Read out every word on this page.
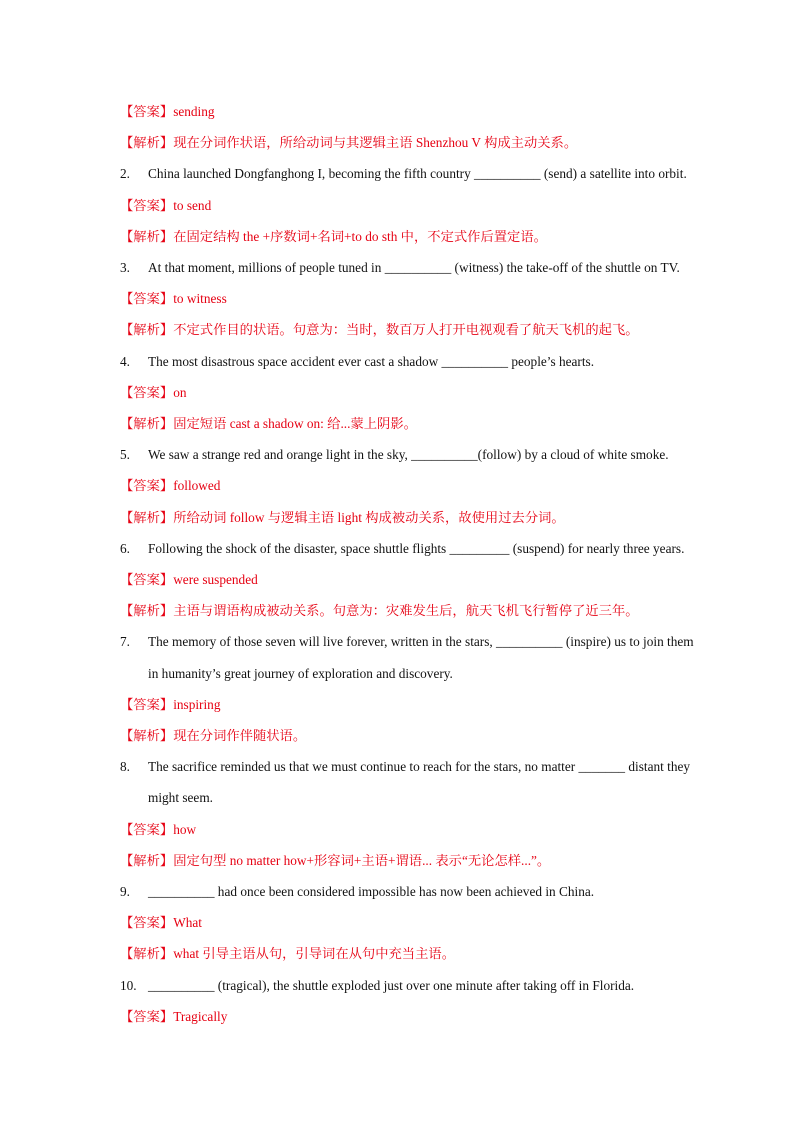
【答案】sending
【解析】现在分词作状语，所给动词与其逻辑主语 Shenzhou V 构成主动关系。
2. China launched Dongfanghong I, becoming the fifth country __________ (send) a satellite into orbit.
【答案】to send
【解析】在固定结构 the +序数词+名词+to do sth 中，不定式作后置定语。
3. At that moment, millions of people tuned in __________ (witness) the take-off of the shuttle on TV.
【答案】to witness
【解析】不定式作目的状语。句意为：当时，数百万人打开电视观看了航天飞机的起飞。
4. The most disastrous space accident ever cast a shadow __________ people’s hearts.
【答案】on
【解析】固定短语 cast a shadow on: 给...蒙上阴影。
5. We saw a strange red and orange light in the sky, __________(follow) by a cloud of white smoke.
【答案】followed
【解析】所给动词 follow 与逻辑主语 light 构成被动关系，故使用过去分词。
6. Following the shock of the disaster, space shuttle flights _________ (suspend) for nearly three years.
【答案】were suspended
【解析】主语与谓语构成被动关系。句意为：灾难发生后，航天飞机飞行暂停了近三年。
7. The memory of those seven will live forever, written in the stars, __________ (inspire) us to join them
in humanity’s great journey of exploration and discovery.
【答案】inspiring
【解析】现在分词作伴随状语。
8. The sacrifice reminded us that we must continue to reach for the stars, no matter _______ distant they
might seem.
【答案】how
【解析】固定句型 no matter how+形容词+主语+谓语... 表示“无论怎样...”。
9. __________ had once been considered impossible has now been achieved in China.
【答案】What
【解析】what 引导主语从句，引导词在从句中充当主语。
10. __________ (tragical), the shuttle exploded just over one minute after taking off in Florida.
【答案】Tragically
